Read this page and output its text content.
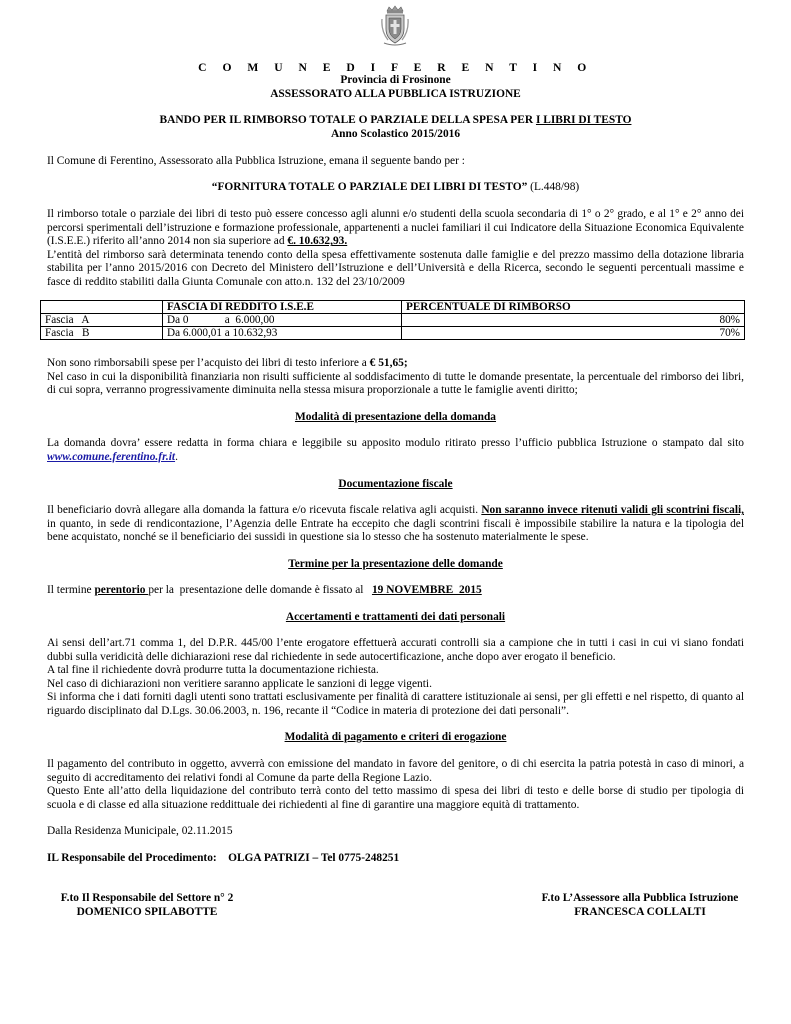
C O M U N E D I F E R E N T I N O
Provincia di Frosinone
ASSESSORATO ALLA PUBBLICA ISTRUZIONE
BANDO PER IL RIMBORSO TOTALE O PARZIALE DELLA SPESA PER I LIBRI DI TESTO
Anno Scolastico 2015/2016
Il Comune di Ferentino, Assessorato alla Pubblica Istruzione, emana il seguente bando per :
“FORNITURA TOTALE O PARZIALE DEI LIBRI DI TESTO” (L.448/98)

Il rimborso totale o parziale dei libri di testo può essere concesso agli alunni e/o studenti della scuola secondaria di 1° o 2° grado, e al 1° e 2° anno dei percorsi sperimentali dell’istruzione e formazione professionale, appartenenti a nuclei familiari il cui Indicatore della Situazione Economica Equivalente (I.S.E.E.) riferito all’anno 2014 non sia superiore ad €. 10.632,93.

L’entità del rimborso sarà determinata tenendo conto della spesa effettivamente sostenuta dalle famiglie e del prezzo massimo della dotazione libraria stabilita per l’anno 2015/2016 con Decreto del Ministero dell’Istruzione e dell’Università e della Ricerca, secondo le seguenti percentuali massime e fasce di reddito stabiliti dalla Giunta Comunale con atto.n. 132 del 23/10/2009

	FASCIA DI REDDITO I.S.E.E	PERCENTUALE DI RIMBORSO
Fascia   A	Da 0             a  6.000,00	80%
Fascia   B	Da 6.000,01 a 10.632,93	70%

Non sono rimborsabili spese per l’acquisto dei libri di testo inferiore a € 51,65;

Nel caso in cui la disponibilità finanziaria non risulti sufficiente al soddisfacimento di tutte le domande presentate, la percentuale del rimborso dei libri, di cui sopra, verranno progressivamente diminuita nella stessa misura proporzionale a tutte le famiglie aventi diritto;

Modalità di presentazione della domanda
La domanda dovra’ essere redatta in forma chiara e leggibile su apposito modulo ritirato presso l’ufficio pubblica Istruzione o stampato dal sito www.comune.ferentino.fr.it.
Documentazione fiscale
Il beneficiario dovrà allegare alla domanda la fattura e/o ricevuta fiscale relativa agli acquisti. Non saranno invece ritenuti validi gli scontrini fiscali, in quanto, in sede di rendicontazione, l’Agenzia delle Entrate ha eccepito che dagli scontrini fiscali è impossibile stabilire la natura e la tipologia del bene acquistato, nonché se il beneficiario dei sussidi in questione sia lo stesso che ha sostenuto materialmente le spese.
Termine per la presentazione delle domande
Il termine perentorio per la  presentazione delle domande è fissato al   19 NOVEMBRE  2015
Accertamenti e trattamenti dei dati personali

Ai sensi dell’art.71 comma 1, del D.P.R. 445/00 l’ente erogatore effettuerà accurati controlli sia a campione che in tutti i casi in cui vi siano fondati dubbi sulla veridicità delle dichiarazioni rese dal richiedente in sede autocertificazione, anche dopo aver erogato il beneficio.

A tal fine il richiedente dovrà produrre tutta la documentazione richiesta.

Nel caso di dichiarazioni non veritiere saranno applicate le sanzioni di legge vigenti.

Si informa che i dati forniti dagli utenti sono trattati esclusivamente per finalità di carattere istituzionale ai sensi, per gli effetti e nel rispetto, di quanto al riguardo disciplinato dal D.Lgs. 30.06.2003, n. 196, recante il “Codice in materia di protezione dei dati personali”.

Modalità di pagamento e criteri di erogazione

Il pagamento del contributo in oggetto, avverrà con emissione del mandato in favore del genitore, o di chi esercita la patria potestà in caso di minori, a seguito di accreditamento dei relativi fondi al Comune da parte della Regione Lazio.

Questo Ente all’atto della liquidazione del contributo terrà conto del tetto massimo di spesa dei libri di testo e delle borse di studio per tipologia di scuola e di classe ed alla situazione reddittuale dei richiedenti al fine di garantire una maggiore equità di trattamento.

Dalla Residenza Municipale, 02.11.2015
IL Responsabile del Procedimento:    OLGA PATRIZI – Tel 0775-248251
F.to Il Responsabile del Settore n° 2
DOMENICO SPILABOTTE
F.to L’Assessore alla Pubblica Istruzione
FRANCESCA COLLALTI
